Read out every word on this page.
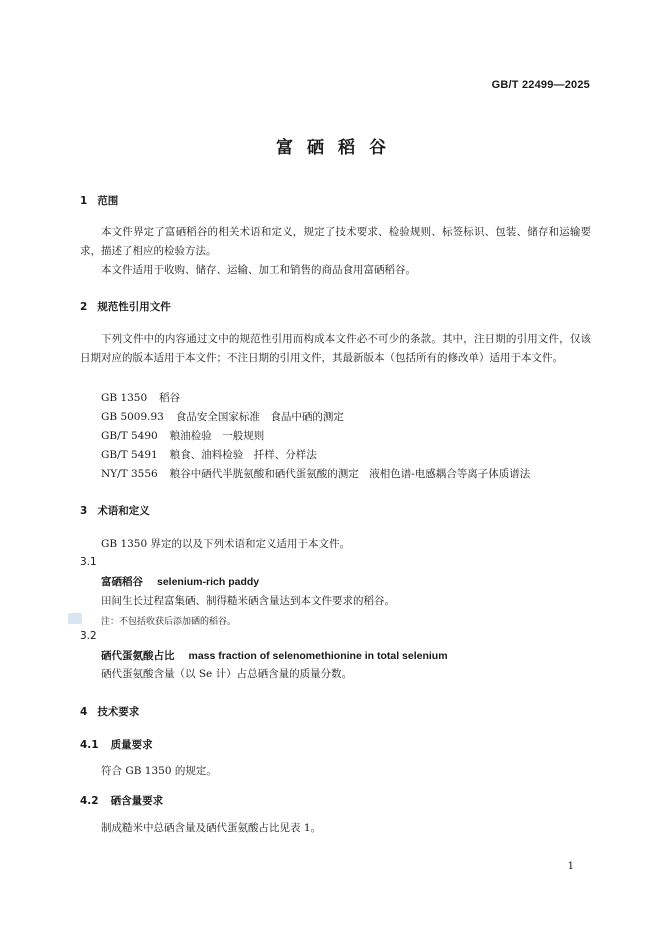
GB/T 22499—2025
富硒稻谷
1 范围
本文件界定了富硒稻谷的相关术语和定义，规定了技术要求、检验规则、标签标识、包装、储存和运输要求，描述了相应的检验方法。
本文件适用于收购、储存、运输、加工和销售的商品食用富硒稻谷。
2 规范性引用文件
下列文件中的内容通过文中的规范性引用而构成本文件必不可少的条款。其中，注日期的引用文件，仅该日期对应的版本适用于本文件；不注日期的引用文件，其最新版本（包括所有的修改单）适用于本文件。
GB 1350 稻谷
GB 5009.93 食品安全国家标准　食品中硒的测定
GB/T 5490 粮油检验　一般规则
GB/T 5491 粮食、油料检验　扦样、分样法
NY/T 3556 粮谷中硒代半胱氨酸和硒代蛋氨酸的测定　液相色谱-电感耦合等离子体质谱法
3 术语和定义
GB 1350 界定的以及下列术语和定义适用于本文件。
3.1
富硒稻谷 selenium-rich paddy
田间生长过程富集硒、制得糙米硒含量达到本文件要求的稻谷。
注：不包括收获后添加硒的稻谷。
3.2
硒代蛋氨酸占比 mass fraction of selenomethionine in total selenium
硒代蛋氨酸含量（以 Se 计）占总硒含量的质量分数。
4 技术要求
4.1 质量要求
符合 GB 1350 的规定。
4.2 硒含量要求
制成糙米中总硒含量及硒代蛋氨酸占比见表 1。
1
